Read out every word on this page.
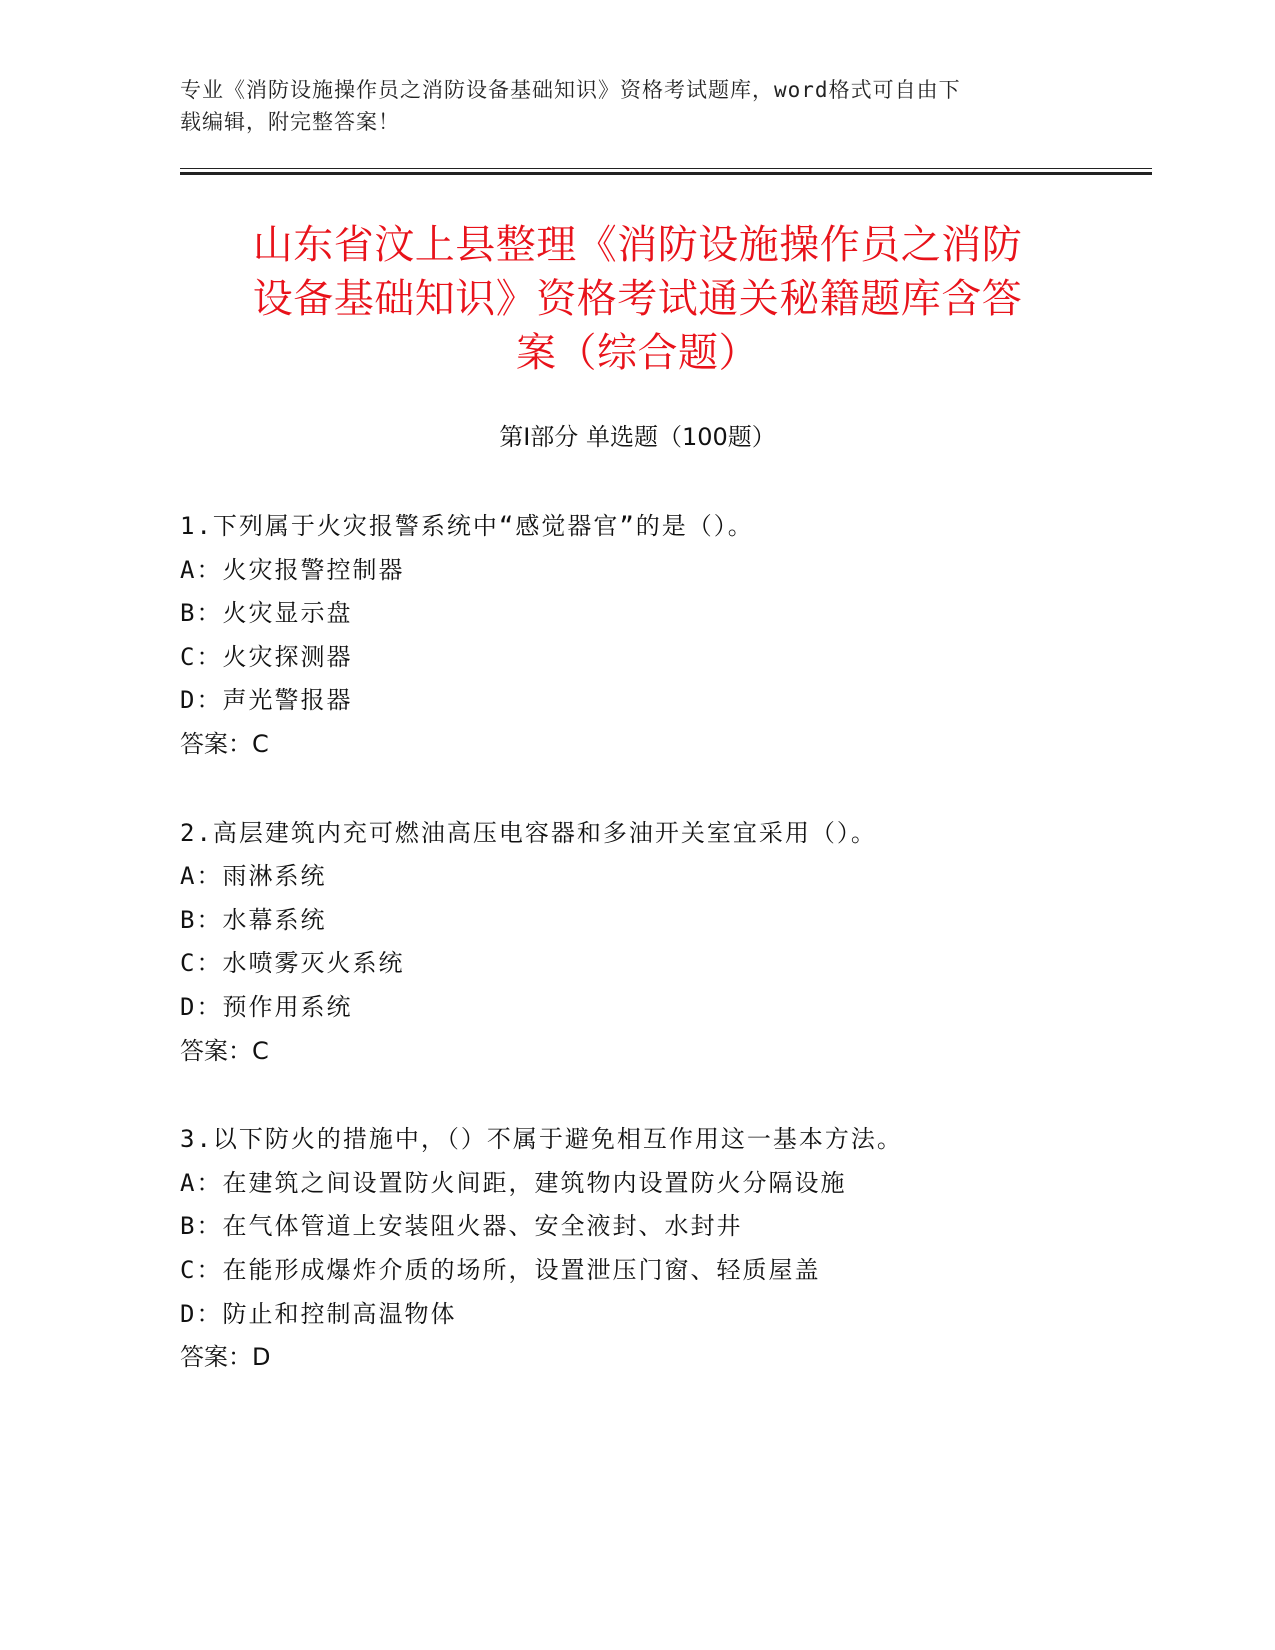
专业《消防设施操作员之消防设备基础知识》资格考试题库，word格式可自由下
载编辑，附完整答案！
山东省汶上县整理《消防设施操作员之消防
设备基础知识》资格考试通关秘籍题库含答
案（综合题）
第Ⅰ部分 单选题（100题）
1.下列属于火灾报警系统中“感觉器官”的是（）。
A：火灾报警控制器
B：火灾显示盘
C：火灾探测器
D：声光警报器
答案：C
2.高层建筑内充可燃油高压电容器和多油开关室宜采用（）。
A：雨淋系统
B：水幕系统
C：水喷雾灭火系统
D：预作用系统
答案：C
3.以下防火的措施中，（）不属于避免相互作用这一基本方法。
A：在建筑之间设置防火间距，建筑物内设置防火分隔设施
B：在气体管道上安装阻火器、安全液封、水封井
C：在能形成爆炸介质的场所，设置泄压门窗、轻质屋盖
D：防止和控制高温物体
答案：D
